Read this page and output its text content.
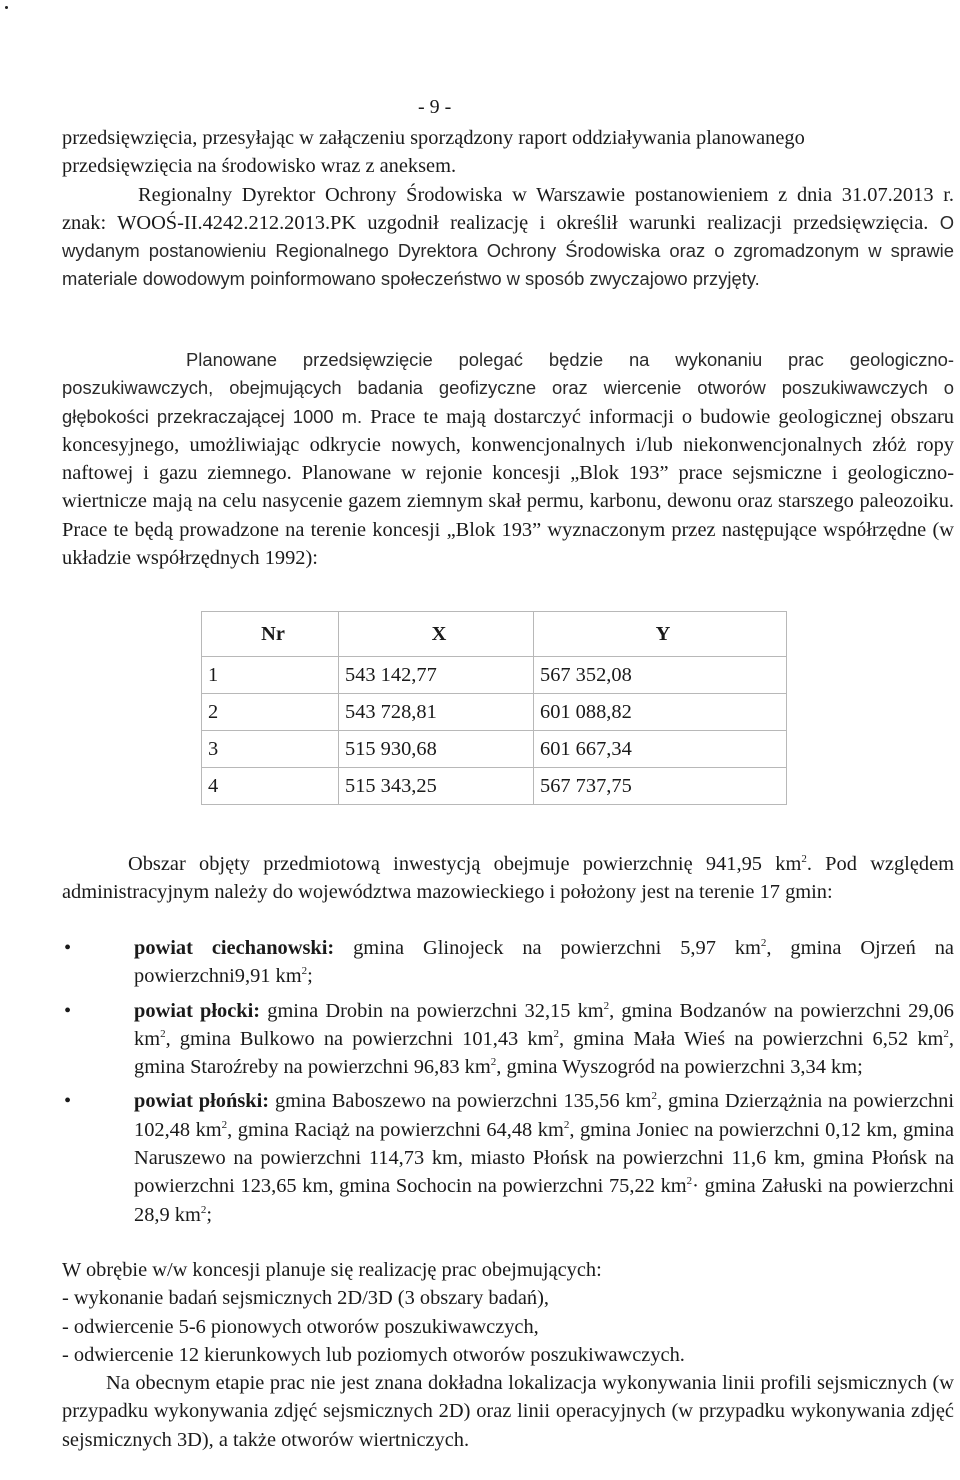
- 9 -
przedsięwzięcia, przesyłając w załączeniu sporządzony raport oddziaływania planowanego
przedsięwzięcia na środowisko wraz z aneksem.
Regionalny Dyrektor Ochrony Środowiska w Warszawie postanowieniem z dnia 31.07.2013 r. znak: WOOŚ-II.4242.212.2013.PK uzgodnił realizację i określił warunki realizacji przedsięwzięcia. O wydanym postanowieniu Regionalnego Dyrektora Ochrony Środowiska oraz o zgromadzonym w sprawie materiale dowodowym poinformowano społeczeństwo w sposób zwyczajowo przyjęty.
Planowane przedsięwzięcie polegać będzie na wykonaniu prac geologiczno-poszukiwawczych, obejmujących badania geofizyczne oraz wiercenie otworów poszukiwawczych o głębokości przekraczającej 1000 m. Prace te mają dostarczyć informacji o budowie geologicznej obszaru koncesyjnego, umożliwiając odkrycie nowych, konwencjonalnych i/lub niekonwencjonalnych złóż ropy naftowej i gazu ziemnego. Planowane w rejonie koncesji „Blok 193” prace sejsmiczne i geologiczno-wiertnicze mają na celu nasycenie gazem ziemnym skał permu, karbonu, dewonu oraz starszego paleozoiku. Prace te będą prowadzone na terenie koncesji „Blok 193” wyznaczonym przez następujące współrzędne (w układzie współrzędnych 1992):
Nr	X	Y
1	543 142,77	567 352,08
2	543 728,81	601 088,82
3	515 930,68	601 667,34
4	515 343,25	567 737,75
Obszar objęty przedmiotową inwestycją obejmuje powierzchnię 941,95 $km^2$. Pod względem administracyjnym należy do województwa mazowieckiego i położony jest na terenie 17 gmin:
•	powiat ciechanowski: gmina Glinojeck na powierzchni 5,97 $km^2$, gmina Ojrzeń na powierzchni9,91 $km^2$;
•	powiat płocki: gmina Drobin na powierzchni 32,15 $km^2$, gmina Bodzanów na powierzchni 29,06 $km^2$, gmina Bulkowo na powierzchni 101,43 $km^2$, gmina Mała Wieś na powierzchni 6,52 $km^2$, gmina Staroźreby na powierzchni 96,83 $km^2$, gmina Wyszogród na powierzchni 3,34 km;
•	powiat płoński: gmina Baboszewo na powierzchni 135,56 $km^2$, gmina Dzierzążnia na powierzchni 102,48 $km^2$, gmina Raciąż na powierzchni 64,48 $km^2$, gmina Joniec na powierzchni 0,12 km, gmina Naruszewo na powierzchni 114,73 km, miasto Płońsk na powierzchni 11,6 km, gmina Płońsk na powierzchni 123,65 km, gmina Sochocin na powierzchni 75,22 $km^2\cdot gmina$ Załuski na powierzchni 28,9 $km^2$;
W obrębie w/w koncesji planuje się realizację prac obejmujących:
- wykonanie badań sejsmicznych 2D/3D (3 obszary badań),
- odwiercenie 5-6 pionowych otworów poszukiwawczych,
- odwiercenie 12 kierunkowych lub poziomych otworów poszukiwawczych.
Na obecnym etapie prac nie jest znana dokładna lokalizacja wykonywania linii profili sejsmicznych (w przypadku wykonywania zdjęć sejsmicznych 2D) oraz linii operacyjnych (w przypadku wykonywania zdjęć sejsmicznych 3D), a także otworów wiertniczych.
